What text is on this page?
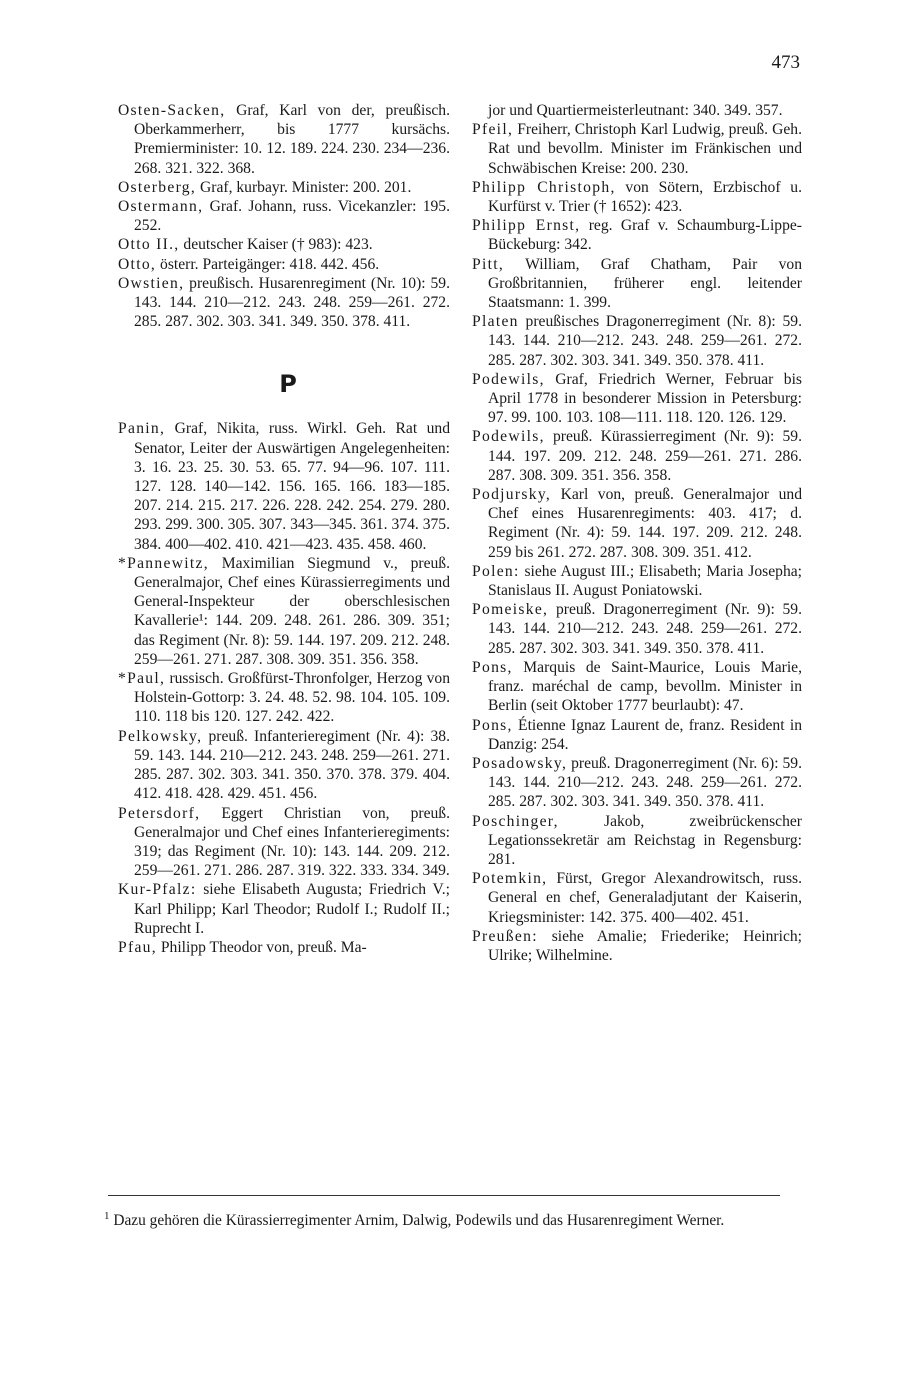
473

Osten-Sacken, Graf, Karl von der, preußisch. Oberkammerherr, bis 1777 kursächs. Premierminister: 10. 12. 189. 224. 230. 234—236. 268. 321. 322. 368.

Osterberg, Graf, kurbayr. Minister: 200. 201.

Ostermann, Graf. Johann, russ. Vicekanzler: 195. 252.

Otto II., deutscher Kaiser († 983): 423.

Otto, österr. Parteigänger: 418. 442. 456.

Owstien, preußisch. Husarenregiment (Nr. 10): 59. 143. 144. 210—212. 243. 248. 259—261. 272. 285. 287. 302. 303. 341. 349. 350. 378. 411.

P

Panin, Graf, Nikita, russ. Wirkl. Geh. Rat und Senator, Leiter der Auswärtigen Angelegenheiten: 3. 16. 23. 25. 30. 53. 65. 77. 94—96. 107. 111. 127. 128. 140—142. 156. 165. 166. 183—185. 207. 214. 215. 217. 226. 228. 242. 254. 279. 280. 293. 299. 300. 305. 307. 343—345. 361. 374. 375. 384. 400—402. 410. 421—423. 435. 458. 460.

*Pannewitz, Maximilian Siegmund v., preuß. Generalmajor, Chef eines Kürassierregiments und General-Inspekteur der oberschlesischen Kavallerie¹: 144. 209. 248. 261. 286. 309. 351; das Regiment (Nr. 8): 59. 144. 197. 209. 212. 248. 259—261. 271. 287. 308. 309. 351. 356. 358.

*Paul, russisch. Großfürst-Thronfolger, Herzog von Holstein-Gottorp: 3. 24. 48. 52. 98. 104. 105. 109. 110. 118 bis 120. 127. 242. 422.

Pelkowsky, preuß. Infanterieregiment (Nr. 4): 38. 59. 143. 144. 210—212. 243. 248. 259—261. 271. 285. 287. 302. 303. 341. 350. 370. 378. 379. 404. 412. 418. 428. 429. 451. 456.

Petersdorf, Eggert Christian von, preuß. Generalmajor und Chef eines Infanterieregiments: 319; das Regiment (Nr. 10): 143. 144. 209. 212. 259—261. 271. 286. 287. 319. 322. 333. 334. 349.

Kur-Pfalz: siehe Elisabeth Augusta; Friedrich V.; Karl Philipp; Karl Theodor; Rudolf I.; Rudolf II.; Ruprecht I.

Pfau, Philipp Theodor von, preuß. Ma-

jor und Quartiermeisterleutnant: 340. 349. 357.

Pfeil, Freiherr, Christoph Karl Ludwig, preuß. Geh. Rat und bevollm. Minister im Fränkischen und Schwäbischen Kreise: 200. 230.

Philipp Christoph, von Sötern, Erzbischof u. Kurfürst v. Trier († 1652): 423.

Philipp Ernst, reg. Graf v. Schaumburg-Lippe-Bückeburg: 342.

Pitt, William, Graf Chatham, Pair von Großbritannien, früherer engl. leitender Staatsmann: 1. 399.

Platen preußisches Dragonerregiment (Nr. 8): 59. 143. 144. 210—212. 243. 248. 259—261. 272. 285. 287. 302. 303. 341. 349. 350. 378. 411.

Podewils, Graf, Friedrich Werner, Februar bis April 1778 in besonderer Mission in Petersburg: 97. 99. 100. 103. 108—111. 118. 120. 126. 129.

Podewils, preuß. Kürassierregiment (Nr. 9): 59. 144. 197. 209. 212. 248. 259—261. 271. 286. 287. 308. 309. 351. 356. 358.

Podjursky, Karl von, preuß. Generalmajor und Chef eines Husarenregiments: 403. 417; d. Regiment (Nr. 4): 59. 144. 197. 209. 212. 248. 259 bis 261. 272. 287. 308. 309. 351. 412.

Polen: siehe August III.; Elisabeth; Maria Josepha; Stanislaus II. August Poniatowski.

Pomeiske, preuß. Dragonerregiment (Nr. 9): 59. 143. 144. 210—212. 243. 248. 259—261. 272. 285. 287. 302. 303. 341. 349. 350. 378. 411.

Pons, Marquis de Saint-Maurice, Louis Marie, franz. maréchal de camp, bevollm. Minister in Berlin (seit Oktober 1777 beurlaubt): 47.

Pons, Étienne Ignaz Laurent de, franz. Resident in Danzig: 254.

Posadowsky, preuß. Dragonerregiment (Nr. 6): 59. 143. 144. 210—212. 243. 248. 259—261. 272. 285. 287. 302. 303. 341. 349. 350. 378. 411.

Poschinger, Jakob, zweibrückenscher Legationssekretär am Reichstag in Regensburg: 281.

Potemkin, Fürst, Gregor Alexandrowitsch, russ. General en chef, Generaladjutant der Kaiserin, Kriegsminister: 142. 375. 400—402. 451.

Preußen: siehe Amalie; Friederike; Heinrich; Ulrike; Wilhelmine.

$^1$ Dazu gehören die Kürassierregimenter Arnim, Dalwig, Podewils und das Husarenregiment Werner.
